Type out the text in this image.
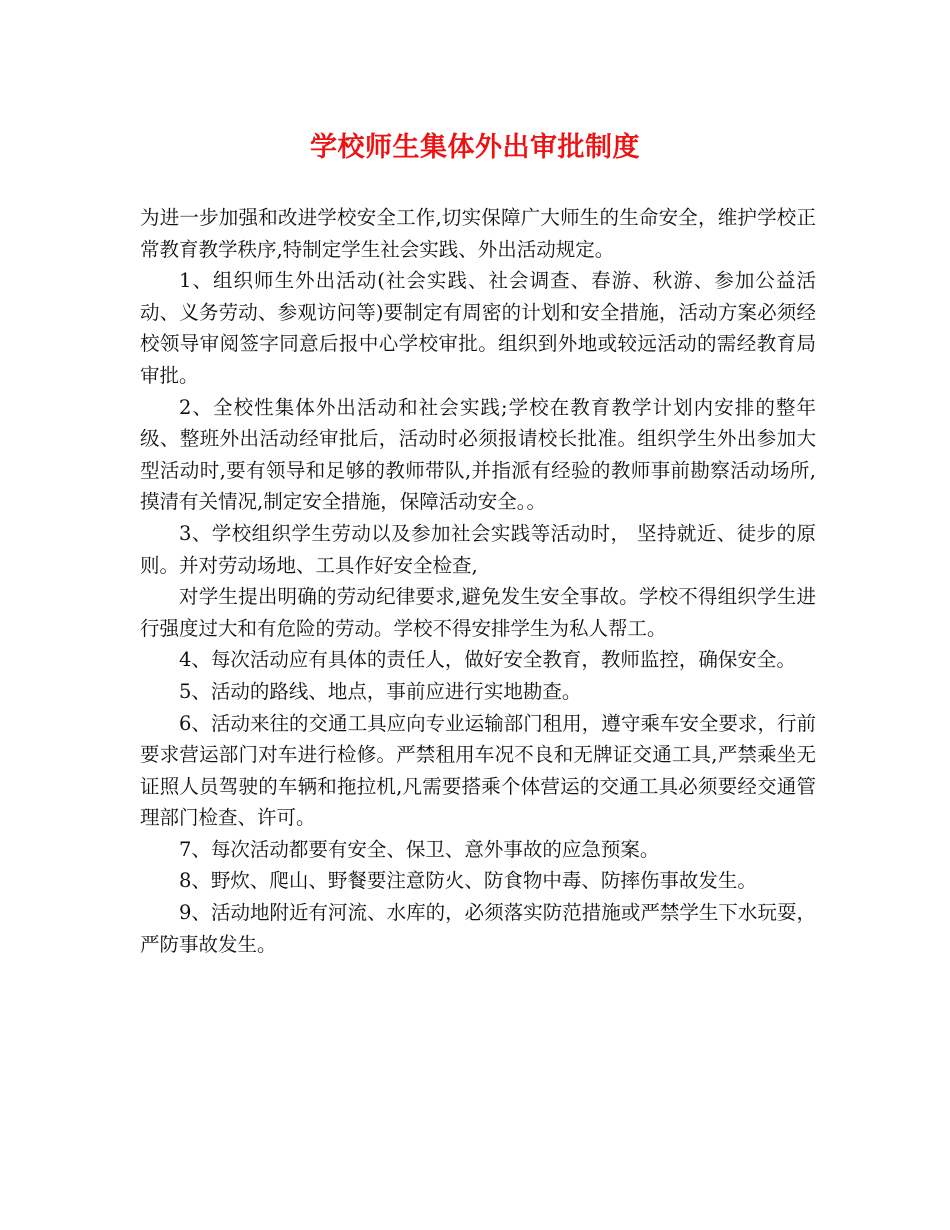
学校师生集体外出审批制度

为进一步加强和改进学校安全工作,切实保障广大师生的生命安全，维护学校正常教育教学秩序,特制定学生社会实践、外出活动规定。

1、组织师生外出活动(社会实践、社会调查、春游、秋游、参加公益活动、义务劳动、参观访问等)要制定有周密的计划和安全措施，活动方案必须经校领导审阅签字同意后报中心学校审批。组织到外地或较远活动的需经教育局审批。

2、全校性集体外出活动和社会实践;学校在教育教学计划内安排的整年级、整班外出活动经审批后，活动时必须报请校长批准。组织学生外出参加大型活动时,要有领导和足够的教师带队,并指派有经验的教师事前勘察活动场所,摸清有关情况,制定安全措施，保障活动安全。。

3、学校组织学生劳动以及参加社会实践等活动时， 坚持就近、徒步的原则。并对劳动场地、工具作好安全检查,

对学生提出明确的劳动纪律要求,避免发生安全事故。学校不得组织学生进行强度过大和有危险的劳动。学校不得安排学生为私人帮工。

4、每次活动应有具体的责任人，做好安全教育，教师监控，确保安全。

5、活动的路线、地点，事前应进行实地勘查。

6、活动来往的交通工具应向专业运输部门租用，遵守乘车安全要求，行前要求营运部门对车进行检修。严禁租用车况不良和无牌证交通工具,严禁乘坐无证照人员驾驶的车辆和拖拉机,凡需要搭乘个体营运的交通工具必须要经交通管理部门检查、许可。

7、每次活动都要有安全、保卫、意外事故的应急预案。

8、野炊、爬山、野餐要注意防火、防食物中毒、防摔伤事故发生。

9、活动地附近有河流、水库的，必须落实防范措施或严禁学生下水玩耍，严防事故发生。
